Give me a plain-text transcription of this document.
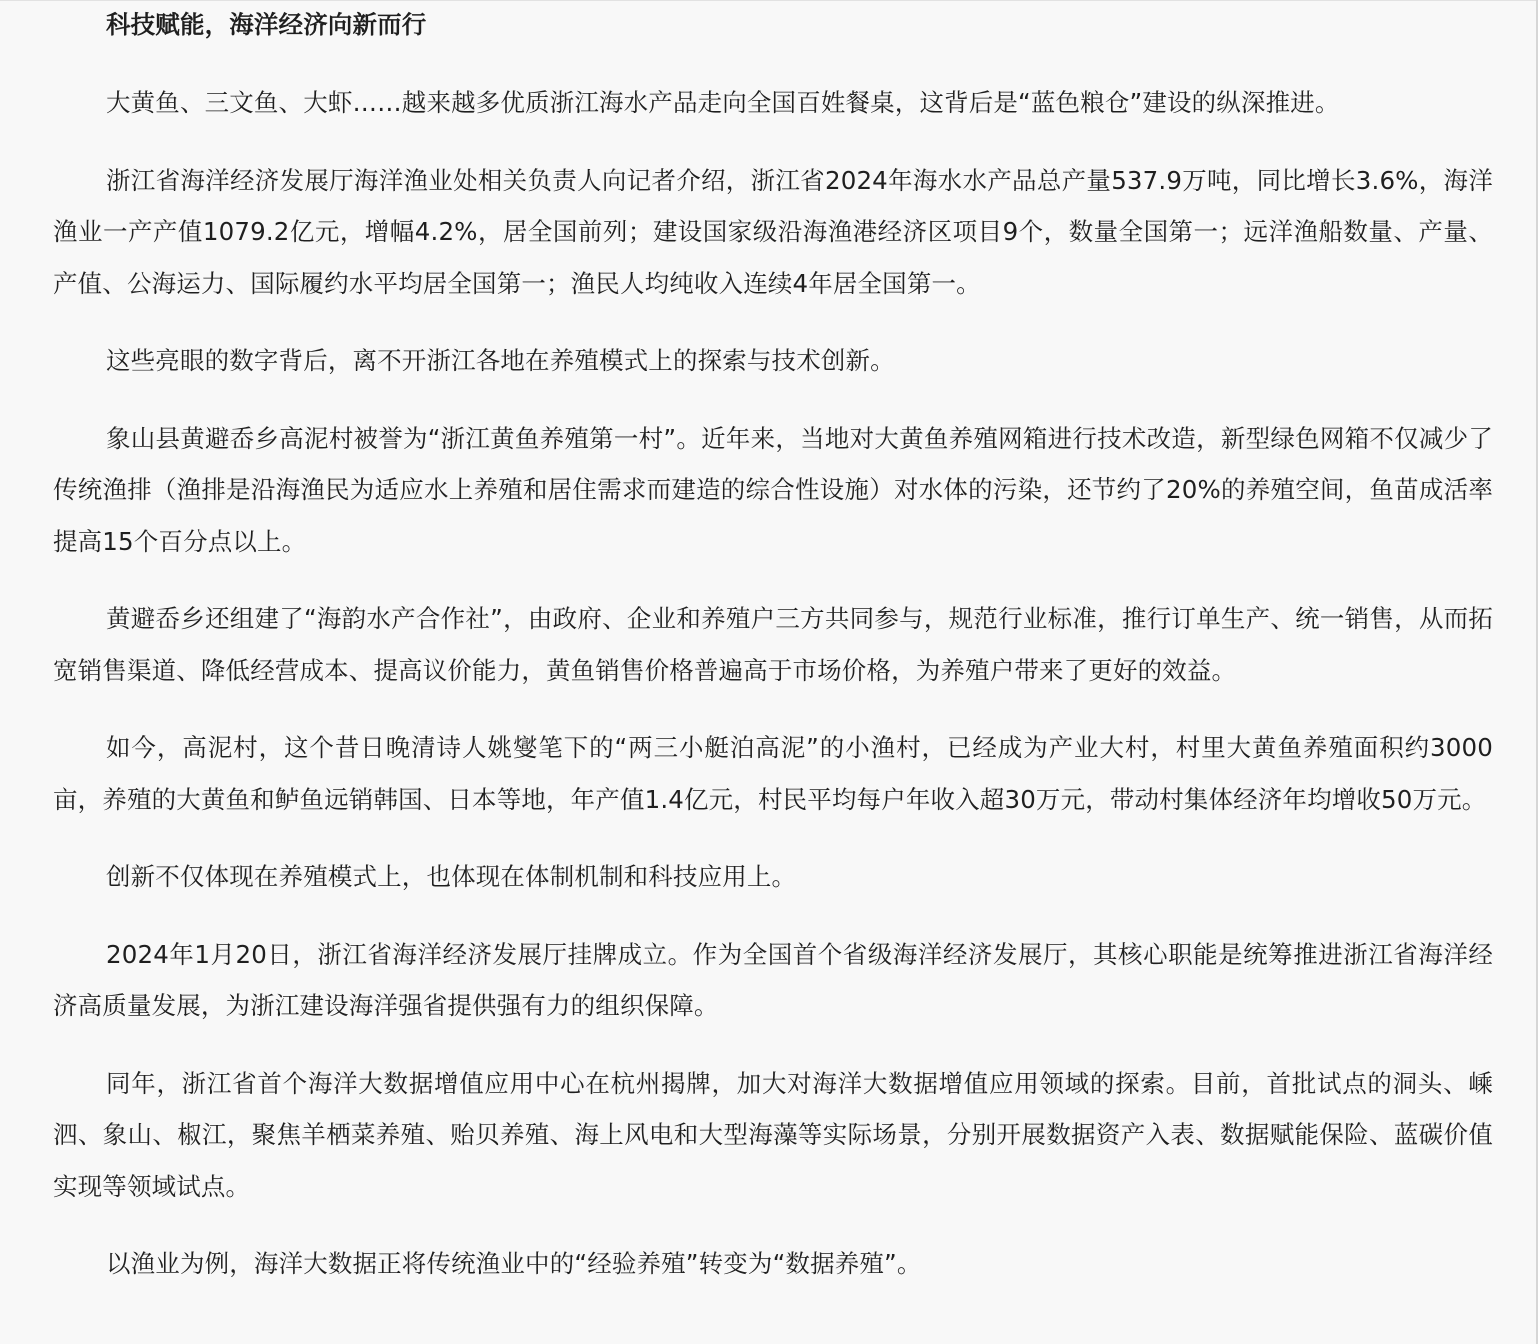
科技赋能，海洋经济向新而行

大黄鱼、三文鱼、大虾……越来越多优质浙江海水产品走向全国百姓餐桌，这背后是“蓝色粮仓”建设的纵深推进。

浙江省海洋经济发展厅海洋渔业处相关负责人向记者介绍，浙江省2024年海水水产品总产量537.9万吨，同比增长3.6%，海洋渔业一产产值1079.2亿元，增幅4.2%，居全国前列；建设国家级沿海渔港经济区项目9个，数量全国第一；远洋渔船数量、产量、产值、公海运力、国际履约水平均居全国第一；渔民人均纯收入连续4年居全国第一。

这些亮眼的数字背后，离不开浙江各地在养殖模式上的探索与技术创新。

象山县黄避岙乡高泥村被誉为“浙江黄鱼养殖第一村”。近年来，当地对大黄鱼养殖网箱进行技术改造，新型绿色网箱不仅减少了传统渔排（渔排是沿海渔民为适应水上养殖和居住需求而建造的综合性设施）对水体的污染，还节约了20%的养殖空间，鱼苗成活率提高15个百分点以上。

黄避岙乡还组建了“海韵水产合作社”，由政府、企业和养殖户三方共同参与，规范行业标准，推行订单生产、统一销售，从而拓宽销售渠道、降低经营成本、提高议价能力，黄鱼销售价格普遍高于市场价格，为养殖户带来了更好的效益。

如今，高泥村，这个昔日晚清诗人姚燮笔下的“两三小艇泊高泥”的小渔村，已经成为产业大村，村里大黄鱼养殖面积约3000亩，养殖的大黄鱼和鲈鱼远销韩国、日本等地，年产值1.4亿元，村民平均每户年收入超30万元，带动村集体经济年均增收50万元。

创新不仅体现在养殖模式上，也体现在体制机制和科技应用上。

2024年1月20日，浙江省海洋经济发展厅挂牌成立。作为全国首个省级海洋经济发展厅，其核心职能是统筹推进浙江省海洋经济高质量发展，为浙江建设海洋强省提供强有力的组织保障。

同年，浙江省首个海洋大数据增值应用中心在杭州揭牌，加大对海洋大数据增值应用领域的探索。目前，首批试点的洞头、嵊泗、象山、椒江，聚焦羊栖菜养殖、贻贝养殖、海上风电和大型海藻等实际场景，分别开展数据资产入表、数据赋能保险、蓝碳价值实现等领域试点。

以渔业为例，海洋大数据正将传统渔业中的“经验养殖”转变为“数据养殖”。
